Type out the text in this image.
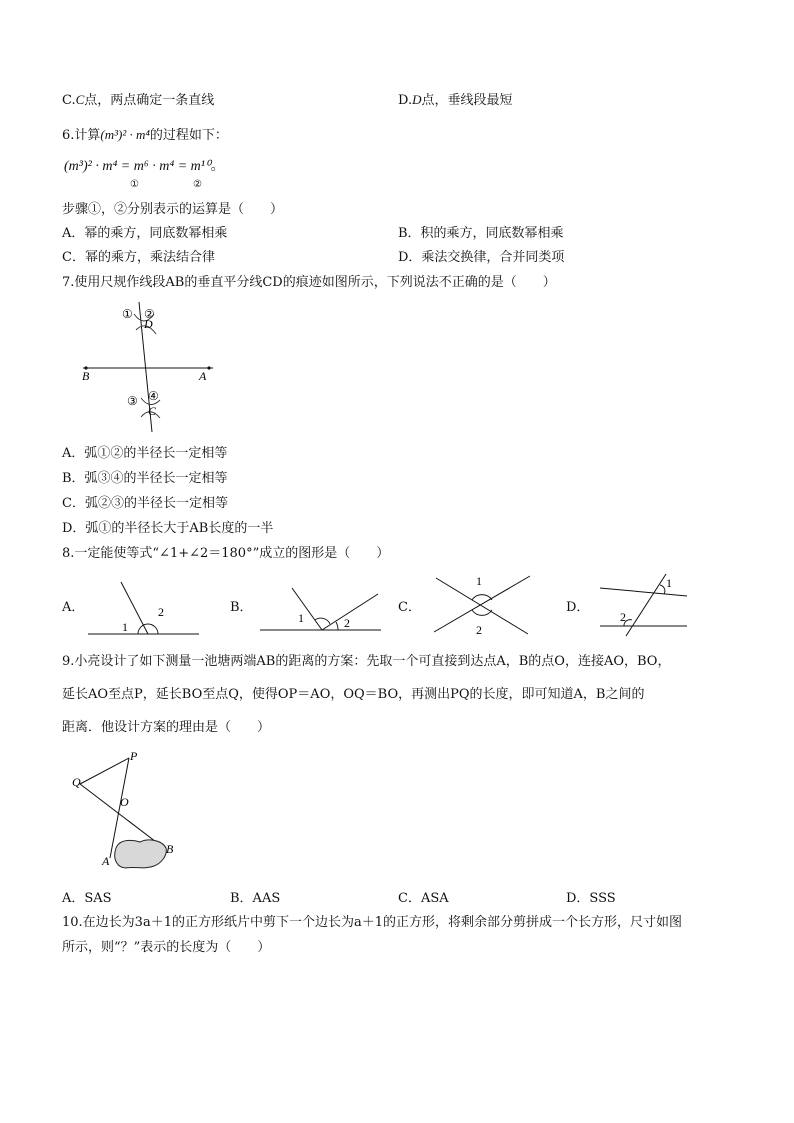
C.C点，两点确定一条直线	D.D点，垂线段最短
6.计算(m³)² · m⁴的过程如下：
(m³)² · m⁴ = m⁶ · m⁴ = m¹⁰。
①	②
步骤①，②分别表示的运算是（　　）
A．幂的乘方，同底数幂相乘	B．积的乘方，同底数幂相乘
C．幂的乘方，乘法结合律	D．乘法交换律，合并同类项
7.使用尺规作线段AB的垂直平分线CD的痕迹如图所示，下列说法不正确的是（　　）
B	A
D
C
① ②
③ ④
A．弧①②的半径长一定相等
B．弧③④的半径长一定相等
C．弧②③的半径长一定相等
D．弧①的半径长大于AB长度的一半
8.一定能使等式“∠1+∠2＝180°”成立的图形是（　　）
A．
1
2	B．
1	2
C．
1
2
D．
1
2
9.小亮设计了如下测量一池塘两端AB的距离的方案：先取一个可直接到达点A，B的点O，连接AO，BO，
延长AO至点P，延长BO至点Q，使得OP＝AO，OQ＝BO，再测出PQ的长度，即可知道A，B之间的
距离．他设计方案的理由是（　　）
Q
P
O
A
B
A．SAS	B．AAS	C．ASA	D．SSS
10.在边长为3a＋1的正方形纸片中剪下一个边长为a＋1的正方形，将剩余部分剪拼成一个长方形，尺寸如图
所示，则“？”表示的长度为（　　）
